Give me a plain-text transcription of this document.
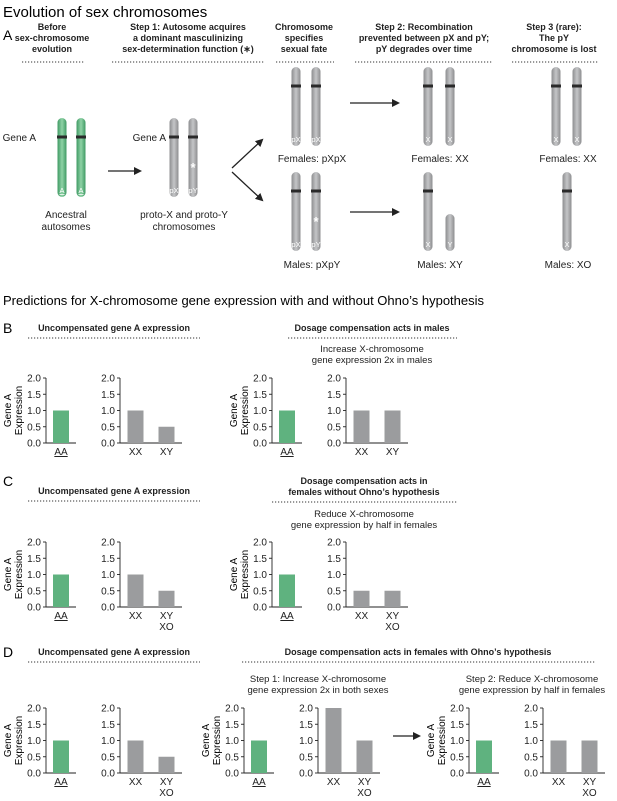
Evolution of sex chromosomes
A	Before
sex-chromosome
evolution
Step 1: Autosome acquires
a dominant masculinizing
sex-determination function (∗)
Chromosome
specifies
sexual fate
Step 2: Recombination
prevented between pX and pY;
pY degrades over time
Step 3 (rare):
The pY
chromosome is lost
Gene A
A A
Ancestral
autosomes
Gene A
pX
*
pY
proto-X and proto-Y
chromosomes
pX pX
Females: pXpX
pX
*
pY
Males: pXpY
X X
Females: XX
X
*
Y
Males: XY
X X
Females: XX
X
Males: XO
Predictions for X-chromosome gene expression with and without Ohno’s hypothesis
B	Uncompensated gene A expression	Dosage compensation acts in males
Increase X-chromosome
gene expression 2x in males
0.0
0.5
1.0
1.5
2.0
Gene A Expression
AA
0.0
0.5
1.0
1.5
2.0
XX XY
0.0
0.5
1.0
1.5
2.0
Gene A Expression
AA
0.0
0.5
1.0
1.5
2.0
XX XY
C
Uncompensated gene A expression
Dosage compensation acts in
females without Ohno’s hypothesis
Reduce X-chromosome
gene expression by half in females
0.0
0.5
1.0
1.5
2.0
Gene A Expression
AA
0.0
0.5
1.0
1.5
2.0
XX XY
XO
0.0
0.5
1.0
1.5
2.0
Gene A Expression
AA
0.0
0.5
1.0
1.5
2.0
XX XY
XO
D	Uncompensated gene A expression	Dosage compensation acts in females with Ohno’s hypothesis
Step 1: Increase X-chromosome
gene expression 2x in both sexes
Step 2: Reduce X-chromosome
gene expression by half in females
0.0
0.5
1.0
1.5
2.0
Gene A Expression
AA
0.0
0.5
1.0
1.5
2.0
XX XY
XO
0.0
0.5
1.0
1.5
2.0
Gene A Expression
AA
0.0
0.5
1.0
1.5
2.0
XX XY
XO
0.0
0.5
1.0
1.5
2.0
Gene A Expression
AA
0.0
0.5
1.0
1.5
2.0
XX XY
XO
